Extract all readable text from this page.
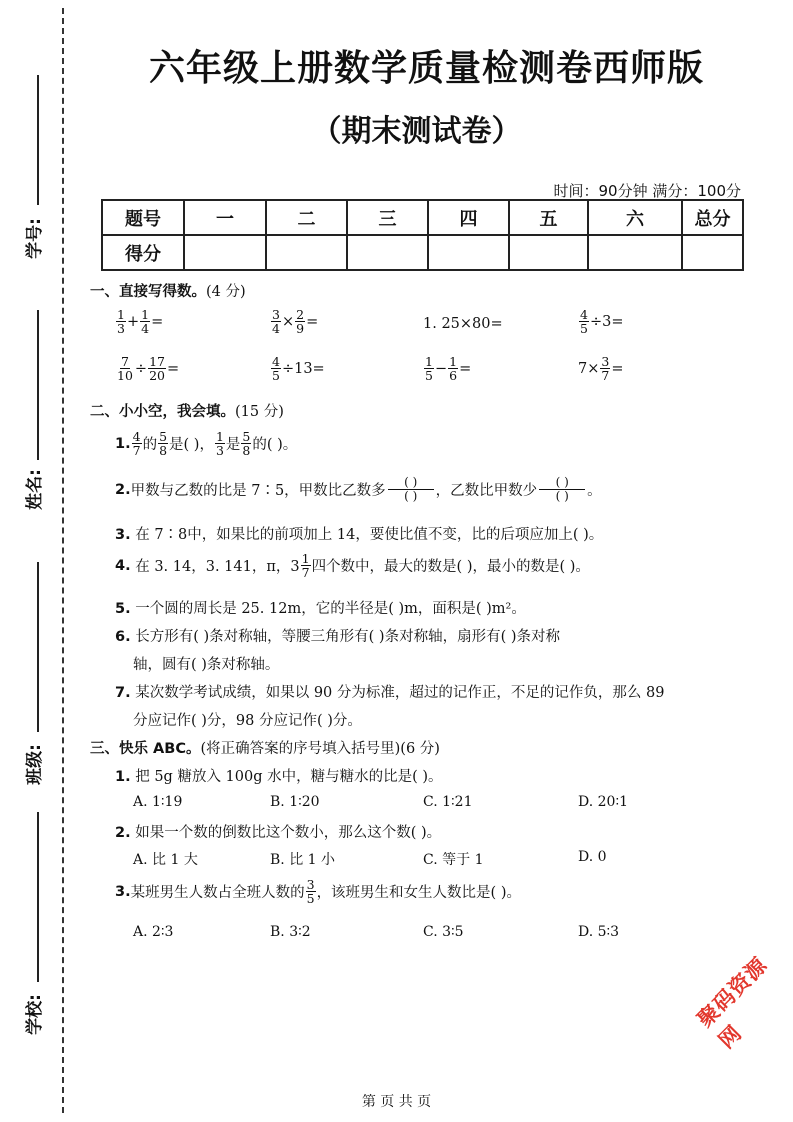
学号:
姓名:
班级:
学校:
六年级上册数学质量检测卷西师版
（期末测试卷）
时间：90分钟 满分：100分
题号	一	二	三	四	五	六	总分
得分							
一、直接写得数。(4 分)
$\frac{1}{3} + \frac{1}{4}$ =	$\frac{3}{4} \times \frac{2}{9}$ =	1. 25×80=	$\frac{4}{5} \div 3=$
$\frac{7}{10} \div \frac{17}{20}$ =	$\frac{4}{5} \div 13=$	$\frac{1}{5} - \frac{1}{6}$ =	$7\times \frac{3}{7}$ =
二、小小空，我会填。(15 分)
1. $\frac{4}{7}$ 的 $\frac{5}{8}$ 是( )， $\frac{1}{3}$ 是 $\frac{5}{8}$ 的( )。
2. 甲数与乙数的比是 7∶5，甲数比乙数多 $\frac{( )}{( )}$ ，乙数比甲数少 $\frac{( )}{( )}$ 。
3. 在 7∶8中，如果比的前项加上 14，要使比值不变，比的后项应加上( )。
4.
在 3. 14，3. 141，π，$3 \frac{1}{7}$ 四个数中，最大的数是( )，最小的数是( )。
5. 一个圆的周长是 25. 12m，它的半径是( )m，面积是( )m²。
6. 长方形有( )条对称轴，等腰三角形有( )条对称轴，扇形有( )条对称
轴，圆有( )条对称轴。
7. 某次数学考试成绩，如果以 90 分为标准，超过的记作正，不足的记作负，那么 89
分应记作( )分，98 分应记作( )分。
三、快乐 ABC。(将正确答案的序号填入括号里)(6 分)
1. 把 5g 糖放入 100g 水中，糖与糖水的比是( )。
A. 1∶19	B. 1∶20	C. 1∶21	D. 20∶1
2. 如果一个数的倒数比这个数小，那么这个数( )。
A. 比 1 大	B. 比 1 小	C. 等于 1	D. 0
3. 某班男生人数占全班人数的 $\frac{3}{5}$ ，该班男生和女生人数比是( )。
A. 2∶3	B. 3∶2	C. 3∶5	D. 5∶3
聚码资源网
第 页 共 页
